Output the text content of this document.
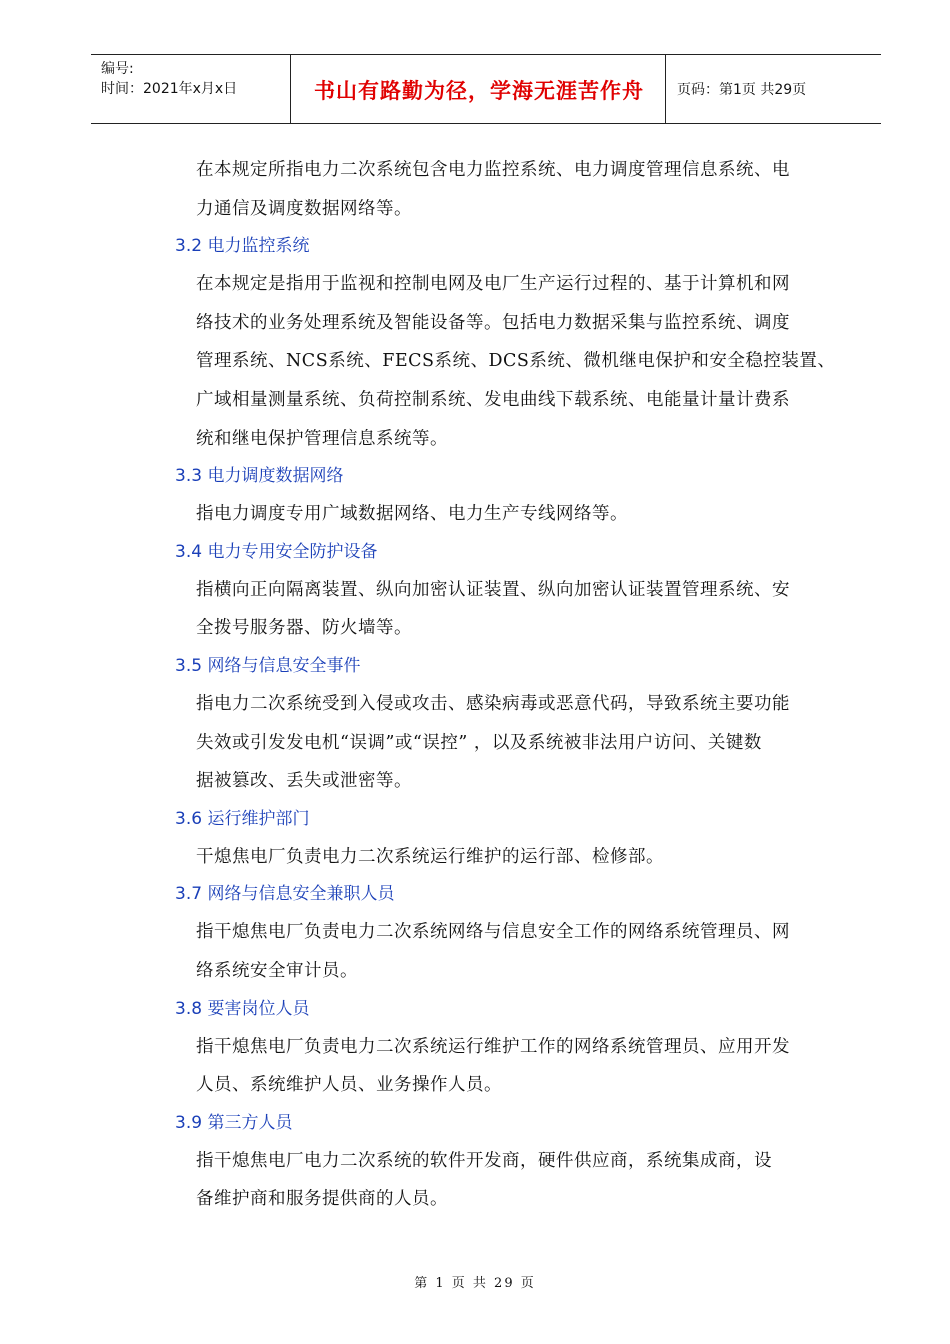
编号:
时间：2021年x月x日	书山有路勤为径，学海无涯苦作舟	页码：第1页 共29页
在本规定所指电力二次系统包含电力监控系统、电力调度管理信息系统、电
力通信及调度数据网络等。
3.2 电力监控系统
在本规定是指用于监视和控制电网及电厂生产运行过程的、基于计算机和网
络技术的业务处理系统及智能设备等。包括电力数据采集与监控系统、调度
管理系统、NCS系统、FECS系统、DCS系统、微机继电保护和安全稳控装置、
广域相量测量系统、负荷控制系统、发电曲线下载系统、电能量计量计费系
统和继电保护管理信息系统等。
3.3 电力调度数据网络
指电力调度专用广域数据网络、电力生产专线网络等。
3.4 电力专用安全防护设备
指横向正向隔离装置、纵向加密认证装置、纵向加密认证装置管理系统、安
全拨号服务器、防火墙等。
3.5 网络与信息安全事件
指电力二次系统受到入侵或攻击、感染病毒或恶意代码，导致系统主要功能
失效或引发发电机“误调”或“误控” ，以及系统被非法用户访问、关键数
据被篡改、丢失或泄密等。
3.6 运行维护部门
干熄焦电厂负责电力二次系统运行维护的运行部、检修部。
3.7 网络与信息安全兼职人员
指干熄焦电厂负责电力二次系统网络与信息安全工作的网络系统管理员、网
络系统安全审计员。
3.8 要害岗位人员
指干熄焦电厂负责电力二次系统运行维护工作的网络系统管理员、应用开发
人员、系统维护人员、业务操作人员。
3.9 第三方人员
指干熄焦电厂电力二次系统的软件开发商，硬件供应商，系统集成商，设
备维护商和服务提供商的人员。
第 1 页 共 29 页
